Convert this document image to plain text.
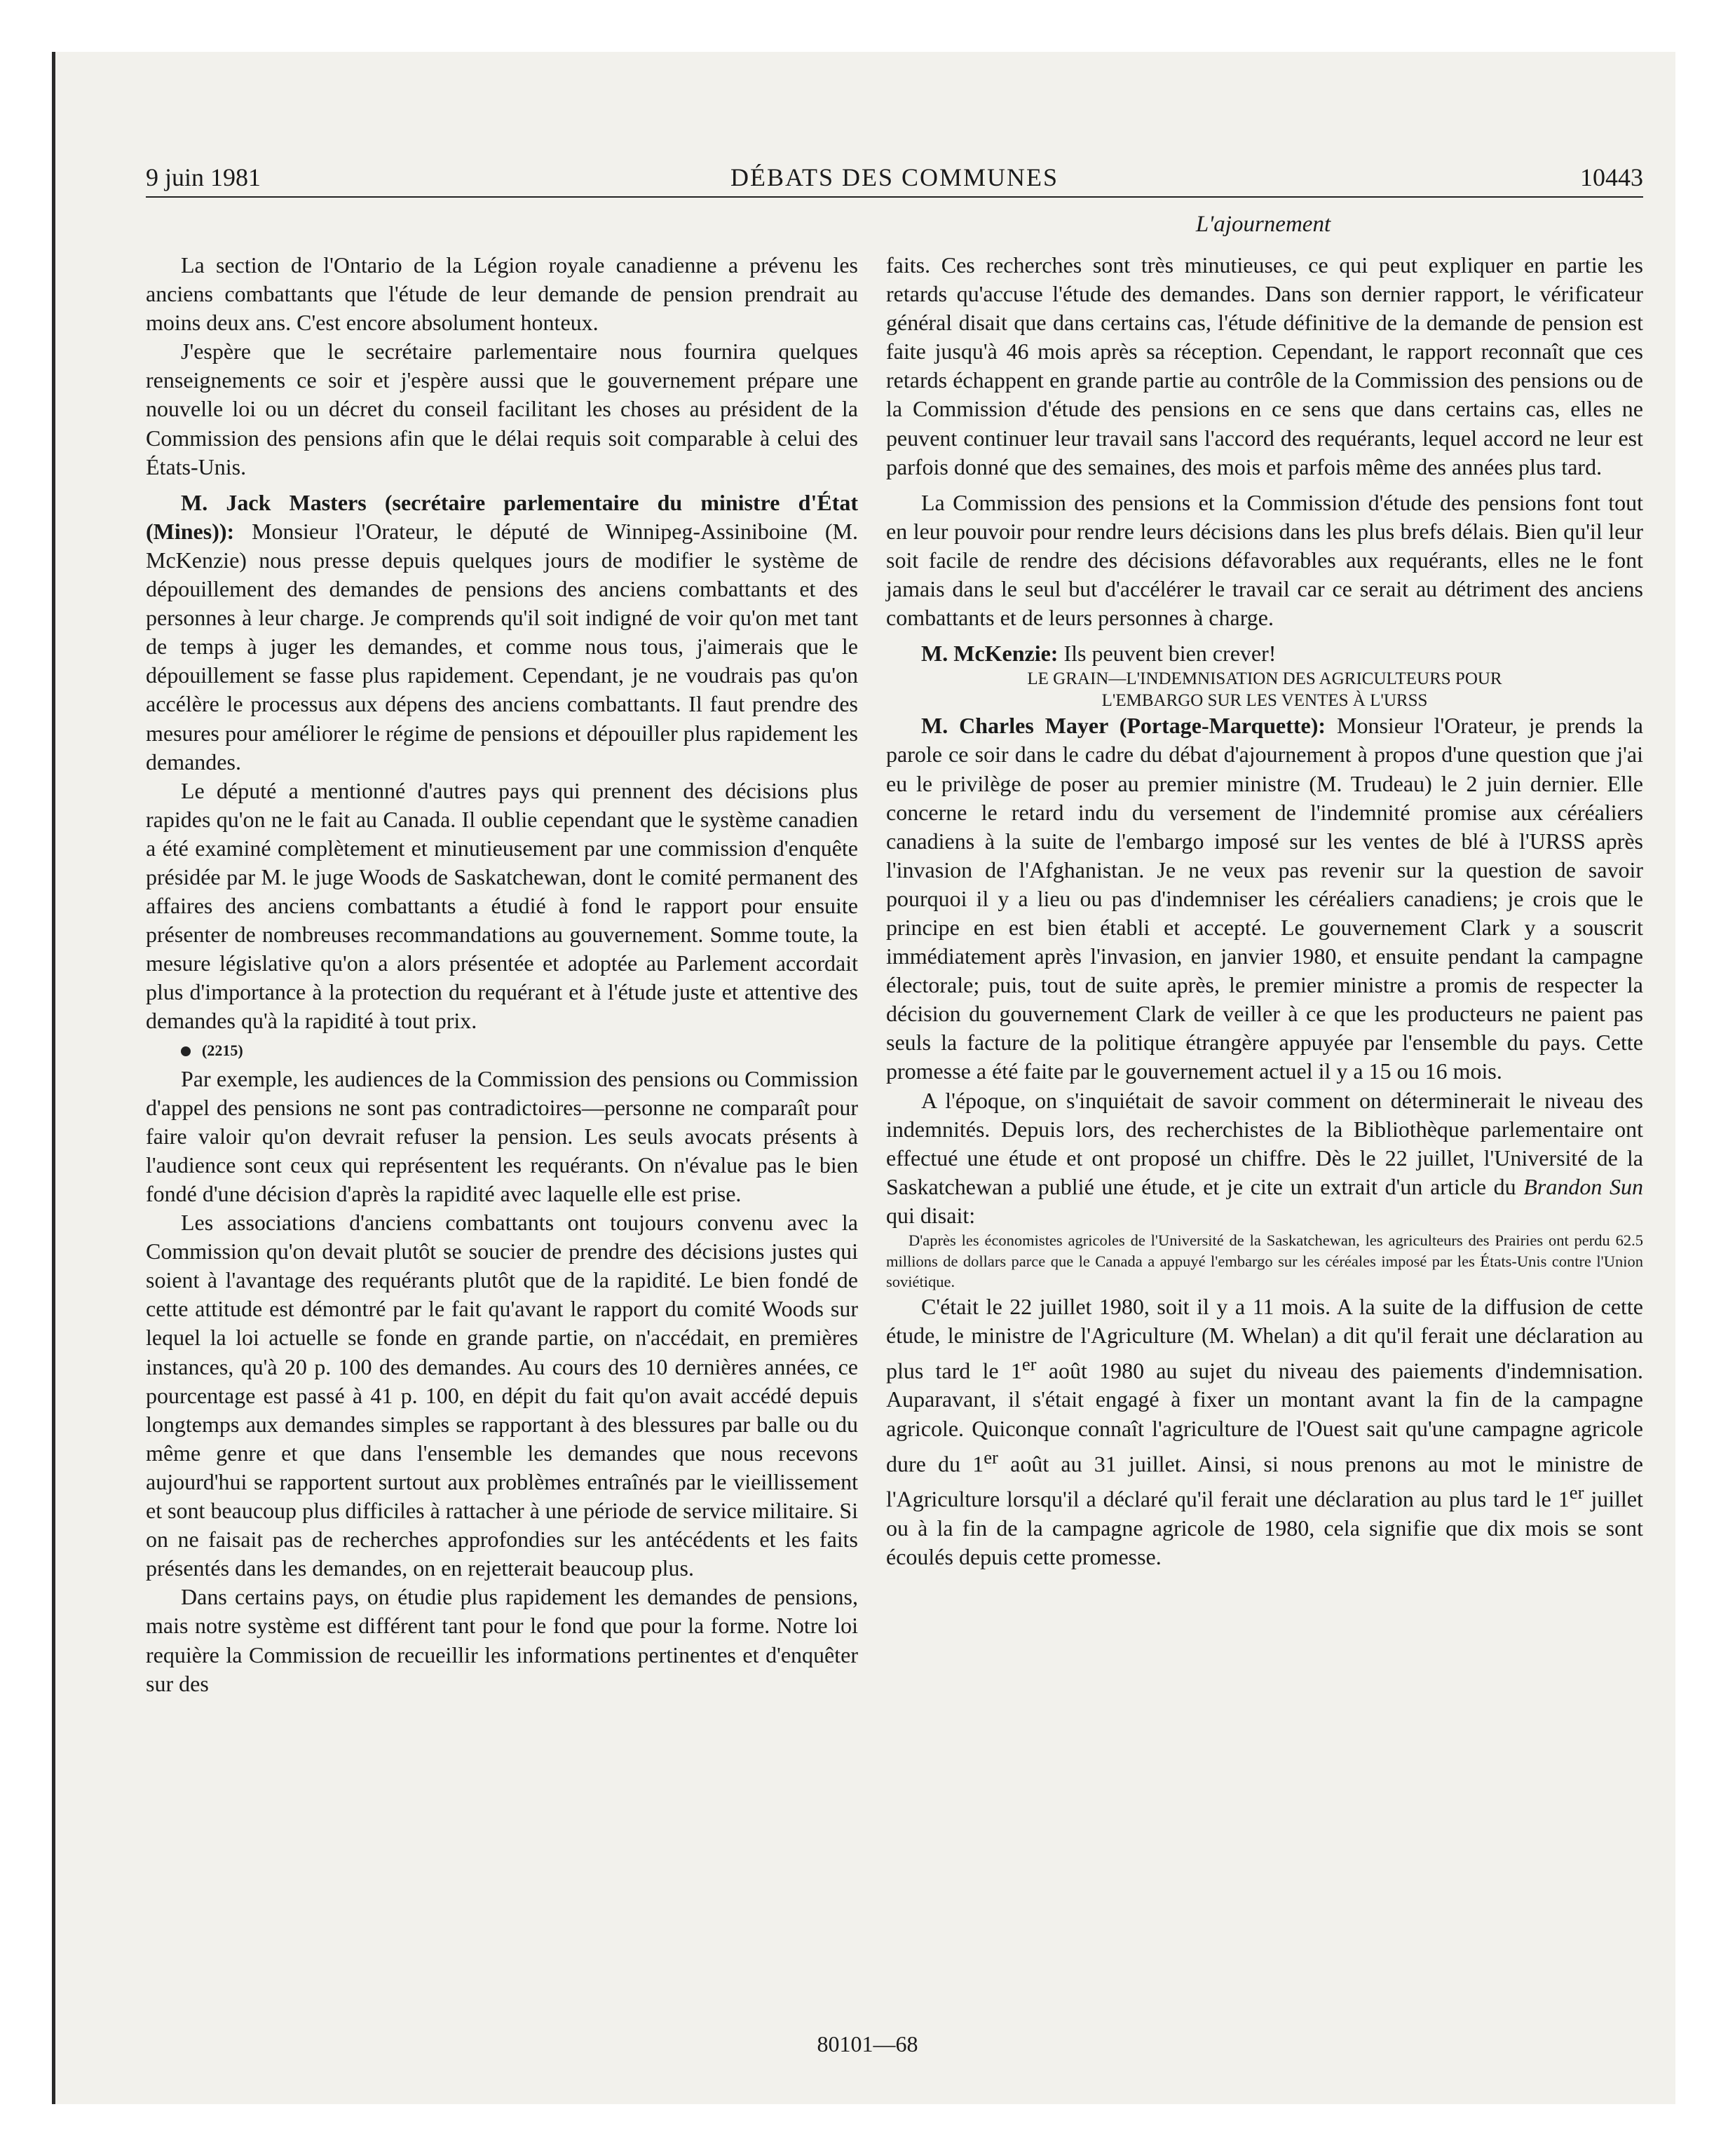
9 juin 1981	DÉBATS DES COMMUNES	10443
L'ajournement

La section de l'Ontario de la Légion royale canadienne a prévenu les anciens combattants que l'étude de leur demande de pension prendrait au moins deux ans. C'est encore absolument honteux.

J'espère que le secrétaire parlementaire nous fournira quelques renseignements ce soir et j'espère aussi que le gouvernement prépare une nouvelle loi ou un décret du conseil facilitant les choses au président de la Commission des pensions afin que le délai requis soit comparable à celui des États-Unis.

M. Jack Masters (secrétaire parlementaire du ministre d'État (Mines)): Monsieur l'Orateur, le député de Winnipeg-Assiniboine (M. McKenzie) nous presse depuis quelques jours de modifier le système de dépouillement des demandes de pensions des anciens combattants et des personnes à leur charge. Je comprends qu'il soit indigné de voir qu'on met tant de temps à juger les demandes, et comme nous tous, j'aimerais que le dépouillement se fasse plus rapidement. Cependant, je ne voudrais pas qu'on accélère le processus aux dépens des anciens combattants. Il faut prendre des mesures pour améliorer le régime de pensions et dépouiller plus rapidement les demandes.

Le député a mentionné d'autres pays qui prennent des décisions plus rapides qu'on ne le fait au Canada. Il oublie cependant que le système canadien a été examiné complètement et minutieusement par une commission d'enquête présidée par M. le juge Woods de Saskatchewan, dont le comité permanent des affaires des anciens combattants a étudié à fond le rapport pour ensuite présenter de nombreuses recommandations au gouvernement. Somme toute, la mesure législative qu'on a alors présentée et adoptée au Parlement accordait plus d'importance à la protection du requérant et à l'étude juste et attentive des demandes qu'à la rapidité à tout prix.

(2215)

Par exemple, les audiences de la Commission des pensions ou Commission d'appel des pensions ne sont pas contradictoires—personne ne comparaît pour faire valoir qu'on devrait refuser la pension. Les seuls avocats présents à l'audience sont ceux qui représentent les requérants. On n'évalue pas le bien fondé d'une décision d'après la rapidité avec laquelle elle est prise.

Les associations d'anciens combattants ont toujours convenu avec la Commission qu'on devait plutôt se soucier de prendre des décisions justes qui soient à l'avantage des requérants plutôt que de la rapidité. Le bien fondé de cette attitude est démontré par le fait qu'avant le rapport du comité Woods sur lequel la loi actuelle se fonde en grande partie, on n'accédait, en premières instances, qu'à 20 p. 100 des demandes. Au cours des 10 dernières années, ce pourcentage est passé à 41 p. 100, en dépit du fait qu'on avait accédé depuis longtemps aux demandes simples se rapportant à des blessures par balle ou du même genre et que dans l'ensemble les demandes que nous recevons aujourd'hui se rapportent surtout aux problèmes entraînés par le vieillissement et sont beaucoup plus difficiles à rattacher à une période de service militaire. Si on ne faisait pas de recherches approfondies sur les antécédents et les faits présentés dans les demandes, on en rejetterait beaucoup plus.

Dans certains pays, on étudie plus rapidement les demandes de pensions, mais notre système est différent tant pour le fond que pour la forme. Notre loi requière la Commission de recueillir les informations pertinentes et d'enquêter sur des

faits. Ces recherches sont très minutieuses, ce qui peut expliquer en partie les retards qu'accuse l'étude des demandes. Dans son dernier rapport, le vérificateur général disait que dans certains cas, l'étude définitive de la demande de pension est faite jusqu'à 46 mois après sa réception. Cependant, le rapport reconnaît que ces retards échappent en grande partie au contrôle de la Commission des pensions ou de la Commission d'étude des pensions en ce sens que dans certains cas, elles ne peuvent continuer leur travail sans l'accord des requérants, lequel accord ne leur est parfois donné que des semaines, des mois et parfois même des années plus tard.

La Commission des pensions et la Commission d'étude des pensions font tout en leur pouvoir pour rendre leurs décisions dans les plus brefs délais. Bien qu'il leur soit facile de rendre des décisions défavorables aux requérants, elles ne le font jamais dans le seul but d'accélérer le travail car ce serait au détriment des anciens combattants et de leurs personnes à charge.

M. McKenzie: Ils peuvent bien crever!

LE GRAIN—L'INDEMNISATION DES AGRICULTEURS POUR
L'EMBARGO SUR LES VENTES À L'URSS

M. Charles Mayer (Portage-Marquette): Monsieur l'Orateur, je prends la parole ce soir dans le cadre du débat d'ajournement à propos d'une question que j'ai eu le privilège de poser au premier ministre (M. Trudeau) le 2 juin dernier. Elle concerne le retard indu du versement de l'indemnité promise aux céréaliers canadiens à la suite de l'embargo imposé sur les ventes de blé à l'URSS après l'invasion de l'Afghanistan. Je ne veux pas revenir sur la question de savoir pourquoi il y a lieu ou pas d'indemniser les céréaliers canadiens; je crois que le principe en est bien établi et accepté. Le gouvernement Clark y a souscrit immédiatement après l'invasion, en janvier 1980, et ensuite pendant la campagne électorale; puis, tout de suite après, le premier ministre a promis de respecter la décision du gouvernement Clark de veiller à ce que les producteurs ne paient pas seuls la facture de la politique étrangère appuyée par l'ensemble du pays. Cette promesse a été faite par le gouvernement actuel il y a 15 ou 16 mois.

A l'époque, on s'inquiétait de savoir comment on déterminerait le niveau des indemnités. Depuis lors, des recherchistes de la Bibliothèque parlementaire ont effectué une étude et ont proposé un chiffre. Dès le 22 juillet, l'Université de la Saskatchewan a publié une étude, et je cite un extrait d'un article du Brandon Sun qui disait:

D'après les économistes agricoles de l'Université de la Saskatchewan, les agriculteurs des Prairies ont perdu 62.5 millions de dollars parce que le Canada a appuyé l'embargo sur les céréales imposé par les États-Unis contre l'Union soviétique.

C'était le 22 juillet 1980, soit il y a 11 mois. A la suite de la diffusion de cette étude, le ministre de l'Agriculture (M. Whelan) a dit qu'il ferait une déclaration au plus tard le 1er août 1980 au sujet du niveau des paiements d'indemnisation. Auparavant, il s'était engagé à fixer un montant avant la fin de la campagne agricole. Quiconque connaît l'agriculture de l'Ouest sait qu'une campagne agricole dure du 1er août au 31 juillet. Ainsi, si nous prenons au mot le ministre de l'Agriculture lorsqu'il a déclaré qu'il ferait une déclaration au plus tard le 1er juillet ou à la fin de la campagne agricole de 1980, cela signifie que dix mois se sont écoulés depuis cette promesse.

80101—68
